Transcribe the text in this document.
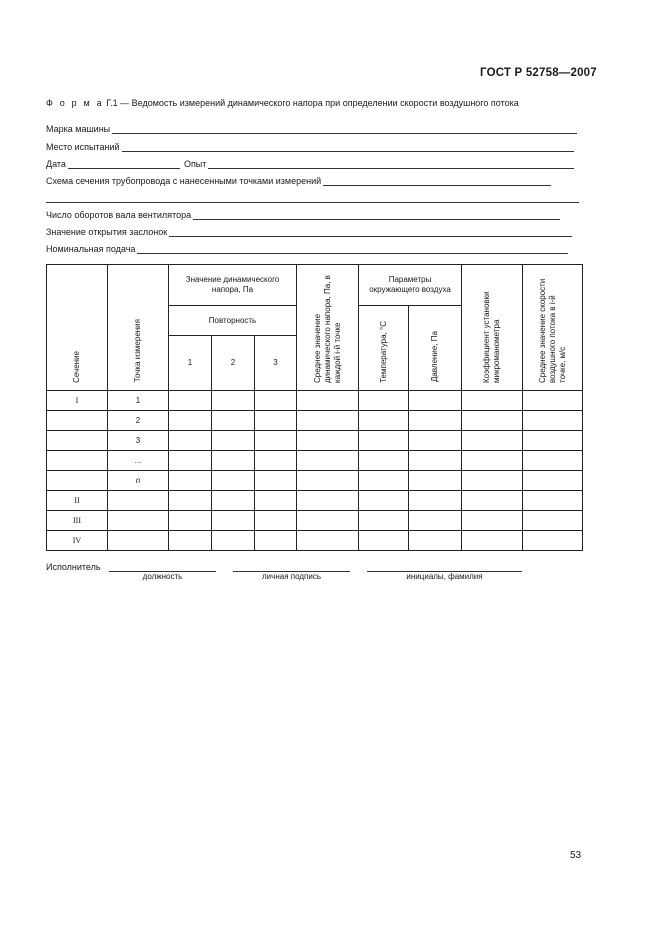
ГОСТ Р 52758—2007
Ф о р м а Г.1 — Ведомость измерений динамического напора при определении скорости воздушного потока
Марка машины
Место испытаний
Дата	Опыт
Схема сечения трубопровода с нанесенными точками измерений
Число оборотов вала вентилятора
Значение открытия заслонок
Номинальная подача
Сечение	Точка измерения	Значение динамического напора, Па			Среднее значение динамического напора, Па, в каждой i-й точке	Параметры окружающего воздуха		Коэффициент установки микроманометра	Среднее значение скорости воздушного потока в i-й точке, м/с

		Повторность				Температура, °С	Давление, Па		

		1	2	3					
I	1								
	2								
	3								
	...								
	n								
II									
III									
IV									
Исполнитель
должность	личная подпись	инициалы, фамилия
53
